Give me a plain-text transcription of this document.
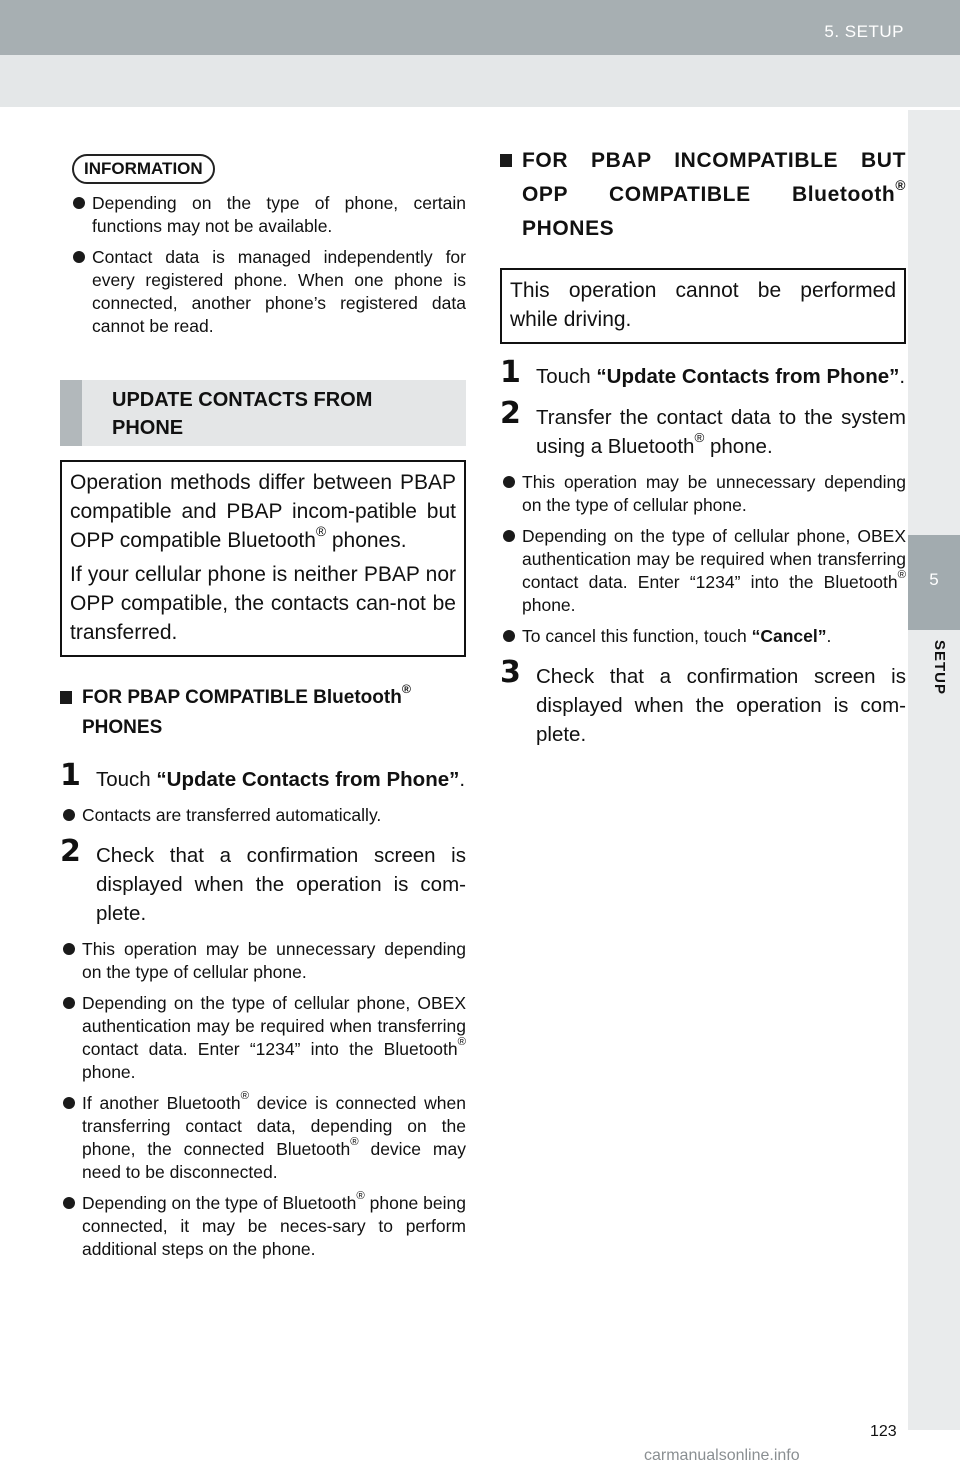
5. SETUP
5
SETUP
INFORMATION
Depending on the type of phone, certain functions may not be available.
Contact data is managed independently for every registered phone. When one phone is connected, another phone’s registered data cannot be read.
UPDATE CONTACTS FROM PHONE

Operation methods differ between PBAP compatible and PBAP incom-patible but OPP compatible Bluetooth® phones.

If your cellular phone is neither PBAP nor OPP compatible, the contacts can-not be transferred.

FOR PBAP COMPATIBLE Bluetooth®
PHONES
1 Touch “Update Contacts from Phone”.
Contacts are transferred automatically.
2 Check that a confirmation screen is displayed when the operation is com-plete.
This operation may be unnecessary depending on the type of cellular phone.
Depending on the type of cellular phone, OBEX authentication may be required when transferring contact data. Enter “1234” into the Bluetooth® phone.
If another Bluetooth® device is connected when transferring contact data, depending on the phone, the connected Bluetooth® device may need to be disconnected.
Depending on the type of Bluetooth® phone being connected, it may be neces-sary to perform additional steps on the phone.
FOR PBAP INCOMPATIBLE BUT OPP COMPATIBLE Bluetooth® PHONES

This operation cannot be performed while driving.

1 Touch “Update Contacts from Phone”.
2 Transfer the contact data to the system using a Bluetooth® phone.
This operation may be unnecessary depending on the type of cellular phone.
Depending on the type of cellular phone, OBEX authentication may be required when transferring contact data. Enter “1234” into the Bluetooth® phone.
To cancel this function, touch “Cancel”.
3 Check that a confirmation screen is displayed when the operation is com-plete.
123
carmanualsonline.info
